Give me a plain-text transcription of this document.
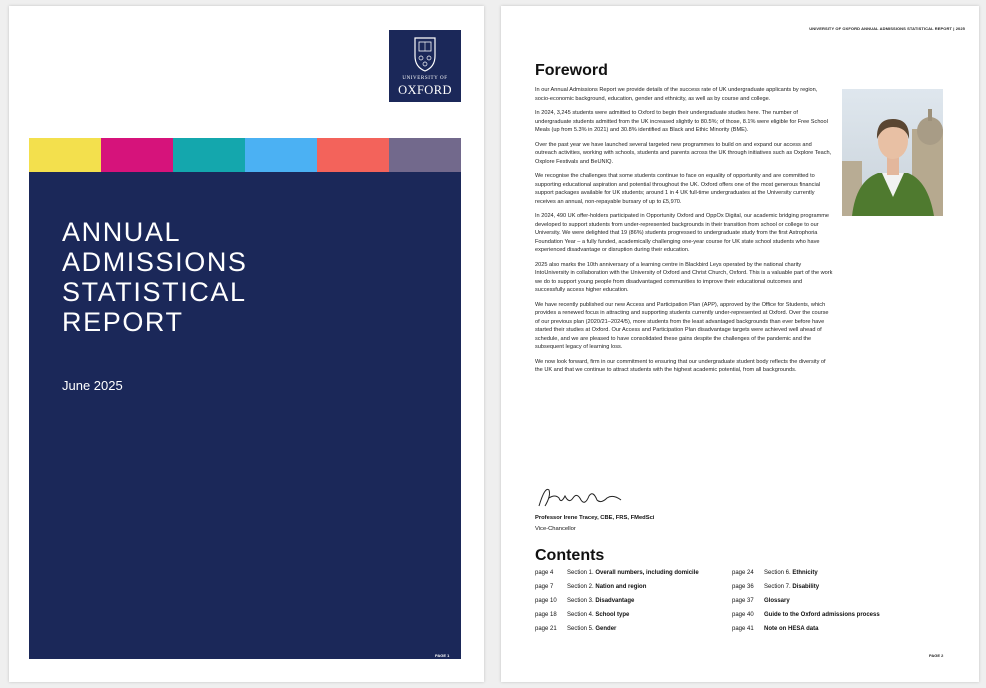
UNIVERSITY OF
OXFORD
ANNUAL
ADMISSIONS
STATISTICAL
REPORT
June 2025
PAGE 1
UNIVERSITY OF OXFORD ANNUAL ADMISSIONS STATISTICAL REPORT | 2025
Foreword

In our Annual Admissions Report we provide details of the success rate of UK undergraduate applicants by region, socio-economic background, education, gender and ethnicity, as well as by course and college.

In 2024, 3,245 students were admitted to Oxford to begin their undergraduate studies here. The number of undergraduate students admitted from the UK increased slightly to 80.5%; of those, 8.1% were eligible for Free School Meals (up from 5.3% in 2021) and 30.8% identified as Black and Ethic Minority (BME).

Over the past year we have launched several targeted new programmes to build on and expand our access and outreach activities, working with schools, students and parents across the UK through initiatives such as Oxplore Teach, Oxplore Festivals and BeUNIQ.

We recognise the challenges that some students continue to face on equality of opportunity and are committed to supporting educational aspiration and potential throughout the UK. Oxford offers one of the most generous financial support packages available for UK students; around 1 in 4 UK full-time undergraduates at the University currently receives an annual, non-repayable bursary of up to £5,970.

In 2024, 490 UK offer-holders participated in Opportunity Oxford and OppOx Digital, our academic bridging programme developed to support students from under-represented backgrounds in their transition from school or college to our University. We were delighted that 19 (86%) students progressed to undergraduate study from the first Astrophoria Foundation Year – a fully funded, academically challenging one-year course for UK state school students who have experienced disadvantage or disruption during their education.

2025 also marks the 10th anniversary of a learning centre in Blackbird Leys operated by the national charity IntoUniversity in collaboration with the University of Oxford and Christ Church, Oxford. This is a valuable part of the work we do to support young people from disadvantaged communities to improve their educational outcomes and successfully access higher education.

We have recently published our new Access and Participation Plan (APP), approved by the Office for Students, which provides a renewed focus in attracting and supporting students currently under-represented at Oxford. Over the course of our previous plan (2020/21–2024/5), more students from the least advantaged backgrounds than ever before have started their studies at Oxford. Our Access and Participation Plan disadvantage targets were achieved well ahead of schedule, and we are pleased to have consolidated these gains despite the challenges of the pandemic and the subsequent legacy of learning loss.

We now look forward, firm in our commitment to ensuring that our undergraduate student body reflects the diversity of the UK and that we continue to attract students with the highest academic potential, from all backgrounds.

Professor Irene Tracey, CBE, FRS, FMedSci
Vice-Chancellor
Contents
page 4 Section 1. Overall numbers, including domicile
page 7 Section 2. Nation and region
page 10 Section 3. Disadvantage
page 18 Section 4. School type
page 21 Section 5. Gender
page 24 Section 6. Ethnicity
page 36 Section 7. Disability
page 37 Glossary
page 40 Guide to the Oxford admissions process
page 41 Note on HESA data
PAGE 2
